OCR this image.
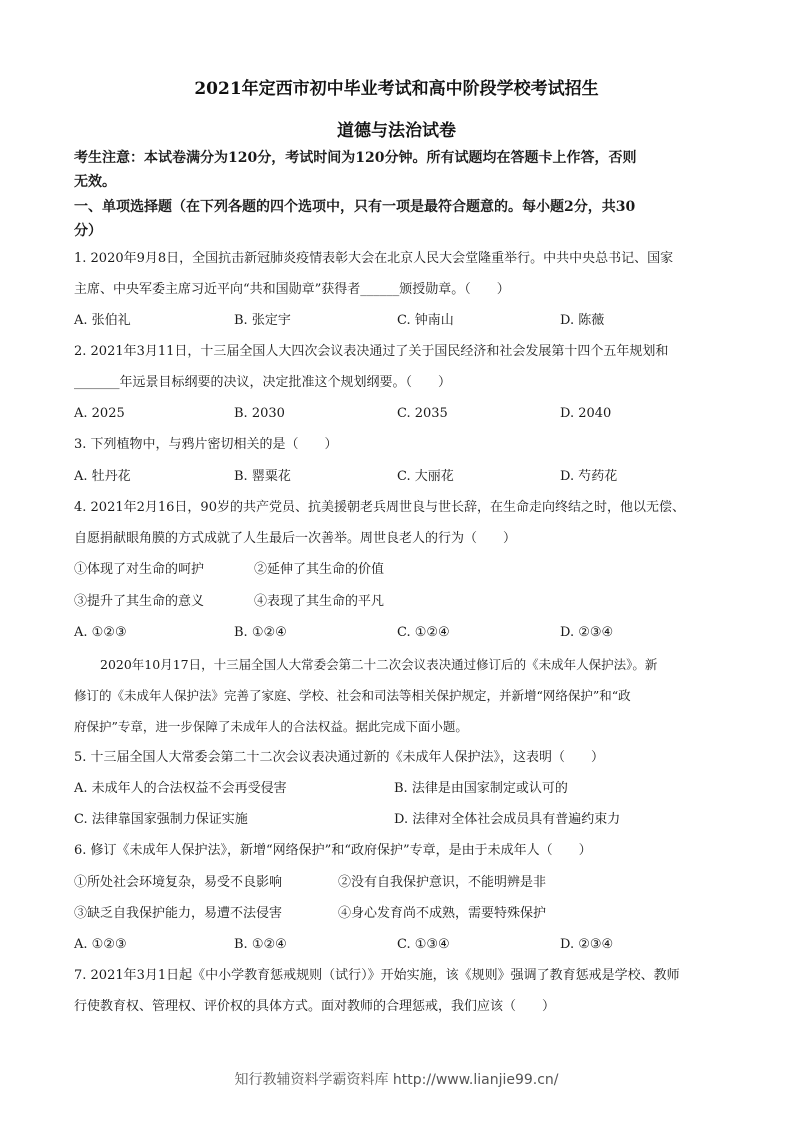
2021年定西市初中毕业考试和高中阶段学校考试招生
道德与法治试卷
考生注意：本试卷满分为120分，考试时间为120分钟。所有试题均在答题卡上作答，否则
无效。
一、单项选择题（在下列各题的四个选项中，只有一项是最符合题意的。每小题2分，共30
分）
1. 2020年9月8日，全国抗击新冠肺炎疫情表彰大会在北京人民大会堂隆重举行。中共中央总书记、国家
主席、中央军委主席习近平向“共和国勋章”获得者______颁授勋章。（　　）
A. 张伯礼	B. 张定宇	C. 钟南山	D. 陈薇
2. 2021年3月11日，十三届全国人大四次会议表决通过了关于国民经济和社会发展第十四个五年规划和
_______年远景目标纲要的决议，决定批准这个规划纲要。（　　）
A. 2025	B. 2030	C. 2035	D. 2040
3. 下列植物中，与鸦片密切相关的是（　　）
A. 牡丹花	B. 罂粟花	C. 大丽花	D. 芍药花
4. 2021年2月16日，90岁的共产党员、抗美援朝老兵周世良与世长辞，在生命走向终结之时，他以无偿、
自愿捐献眼角膜的方式成就了人生最后一次善举。周世良老人的行为（　　）
①体现了对生命的呵护	②延伸了其生命的价值
③提升了其生命的意义	④表现了其生命的平凡
A. ①②③	B. ①②④	C. ①②④	D. ②③④
2020年10月17日，十三届全国人大常委会第二十二次会议表决通过修订后的《未成年人保护法》。新
修订的《未成年人保护法》完善了家庭、学校、社会和司法等相关保护规定，并新增“网络保护”和“政
府保护”专章，进一步保障了未成年人的合法权益。据此完成下面小题。
5. 十三届全国人大常委会第二十二次会议表决通过新的《未成年人保护法》，这表明（　　）
A. 未成年人的合法权益不会再受侵害	B. 法律是由国家制定或认可的
C. 法律靠国家强制力保证实施	D. 法律对全体社会成员具有普遍约束力
6. 修订《未成年人保护法》，新增“网络保护”和“政府保护”专章，是由于未成年人（　　）
①所处社会环境复杂，易受不良影响	②没有自我保护意识，不能明辨是非
③缺乏自我保护能力，易遭不法侵害	④身心发育尚不成熟，需要特殊保护
A. ①②③	B. ①②④	C. ①③④	D. ②③④
7. 2021年3月1日起《中小学教育惩戒规则（试行）》开始实施，该《规则》强调了教育惩戒是学校、教师
行使教育权、管理权、评价权的具体方式。面对教师的合理惩戒，我们应该（　　）
知行教辅资料学霸资料库 http://www.lianjie99.cn/
